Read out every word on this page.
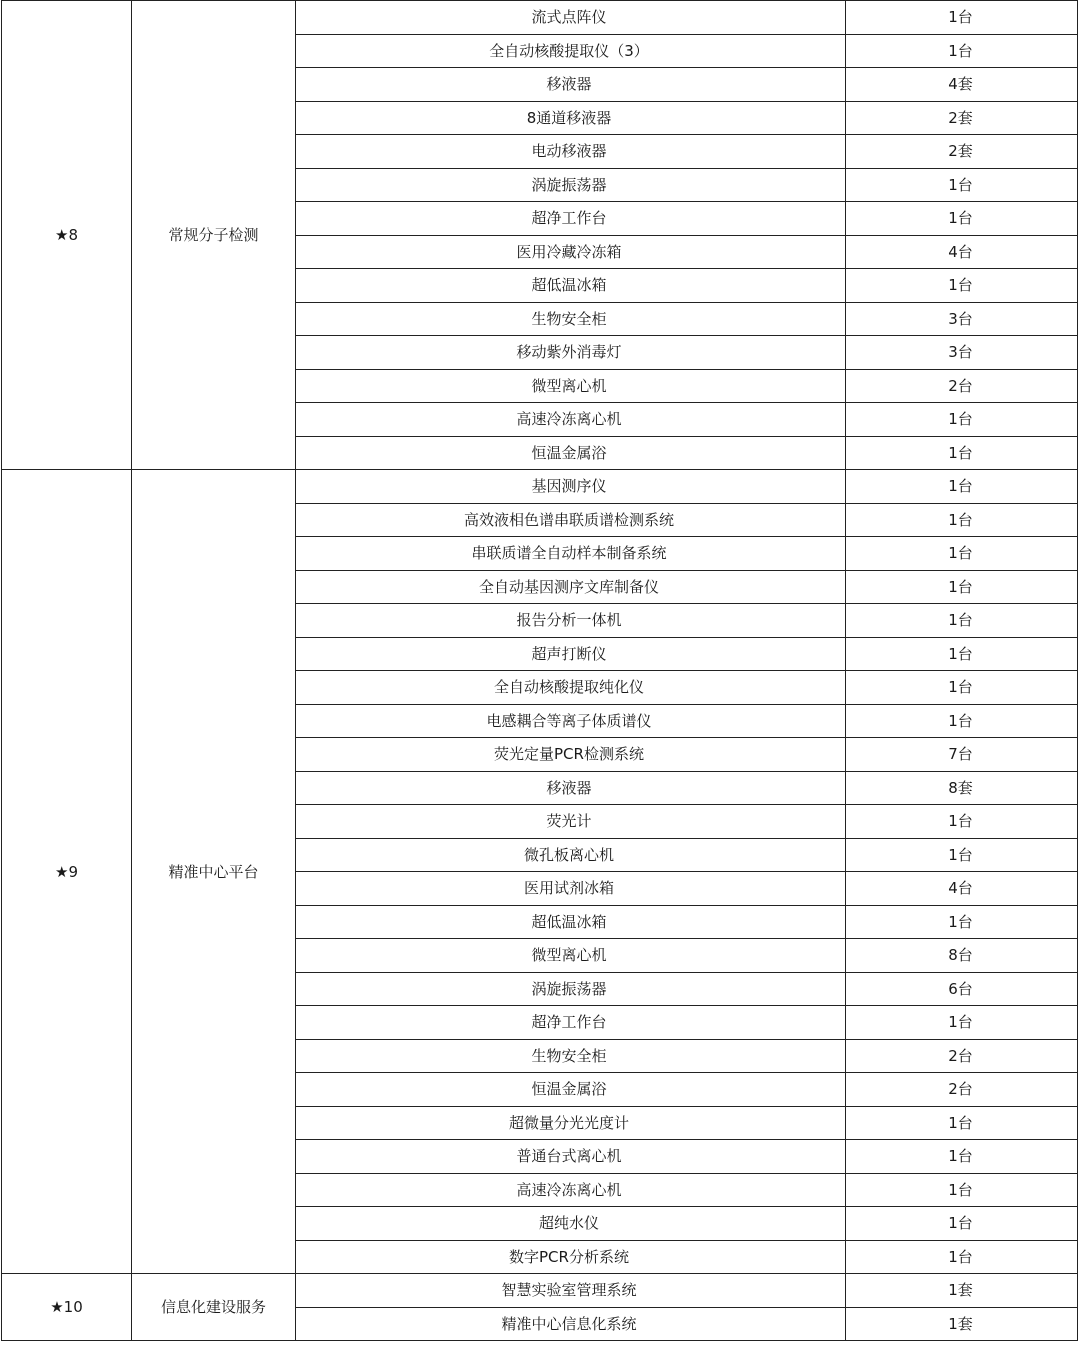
★8	常规分子检测	流式点阵仪	1台
		全自动核酸提取仪（3）	1台
		移液器	4套
		8通道移液器	2套
		电动移液器	2套
		涡旋振荡器	1台
		超净工作台	1台
		医用冷藏冷冻箱	4台
		超低温冰箱	1台
		生物安全柜	3台
		移动紫外消毒灯	3台
		微型离心机	2台
		高速冷冻离心机	1台
		恒温金属浴	1台
★9	精准中心平台	基因测序仪	1台
		高效液相色谱串联质谱检测系统	1台
		串联质谱全自动样本制备系统	1台
		全自动基因测序文库制备仪	1台
		报告分析一体机	1台
		超声打断仪	1台
		全自动核酸提取纯化仪	1台
		电感耦合等离子体质谱仪	1台
		荧光定量PCR检测系统	7台
		移液器	8套
		荧光计	1台
		微孔板离心机	1台
		医用试剂冰箱	4台
		超低温冰箱	1台
		微型离心机	8台
		涡旋振荡器	6台
		超净工作台	1台
		生物安全柜	2台
		恒温金属浴	2台
		超微量分光光度计	1台
		普通台式离心机	1台
		高速冷冻离心机	1台
		超纯水仪	1台
		数字PCR分析系统	1台
★10	信息化建设服务	智慧实验室管理系统	1套
		精准中心信息化系统	1套
